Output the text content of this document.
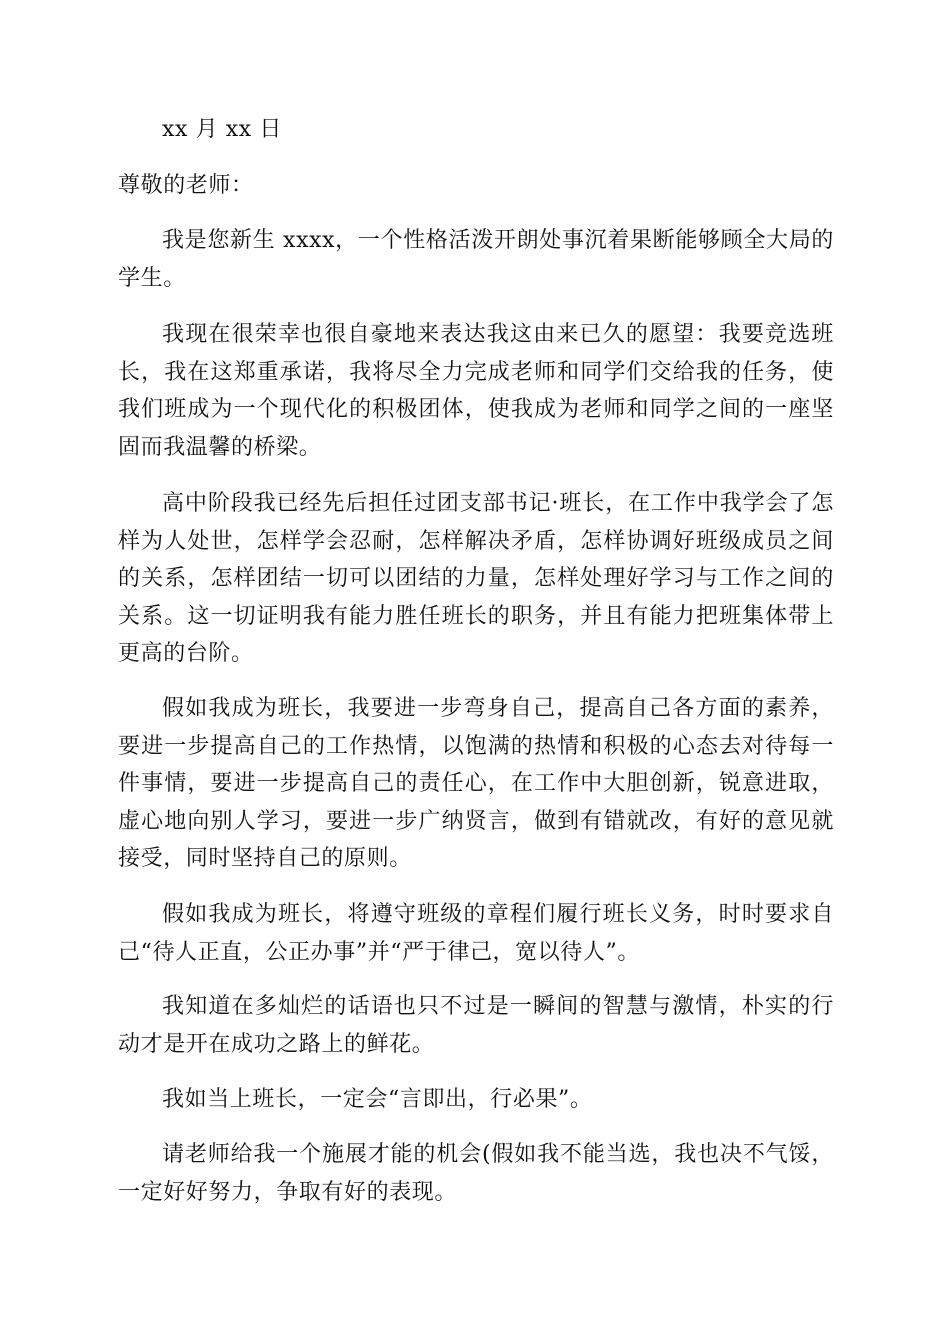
xx 月 xx 日

尊敬的老师：

我是您新生 xxxx，一个性格活泼开朗处事沉着果断能够顾全大局的学生。

我现在很荣幸也很自豪地来表达我这由来已久的愿望：我要竞选班长，我在这郑重承诺，我将尽全力完成老师和同学们交给我的任务，使我们班成为一个现代化的积极团体，使我成为老师和同学之间的一座坚固而我温馨的桥梁。

高中阶段我已经先后担任过团支部书记·班长，在工作中我学会了怎样为人处世，怎样学会忍耐，怎样解决矛盾，怎样协调好班级成员之间的关系，怎样团结一切可以团结的力量，怎样处理好学习与工作之间的关系。这一切证明我有能力胜任班长的职务，并且有能力把班集体带上更高的台阶。

假如我成为班长，我要进一步弯身自己，提高自己各方面的素养，要进一步提高自己的工作热情，以饱满的热情和积极的心态去对待每一件事情，要进一步提高自己的责任心，在工作中大胆创新，锐意进取，虚心地向别人学习，要进一步广纳贤言，做到有错就改，有好的意见就接受，同时坚持自己的原则。

假如我成为班长，将遵守班级的章程们履行班长义务，时时要求自己“待人正直，公正办事”并“严于律己，宽以待人”。

我知道在多灿烂的话语也只不过是一瞬间的智慧与激情，朴实的行动才是开在成功之路上的鲜花。

我如当上班长，一定会“言即出，行必果”。

请老师给我一个施展才能的机会(假如我不能当选，我也决不气馁，一定好好努力，争取有好的表现。
